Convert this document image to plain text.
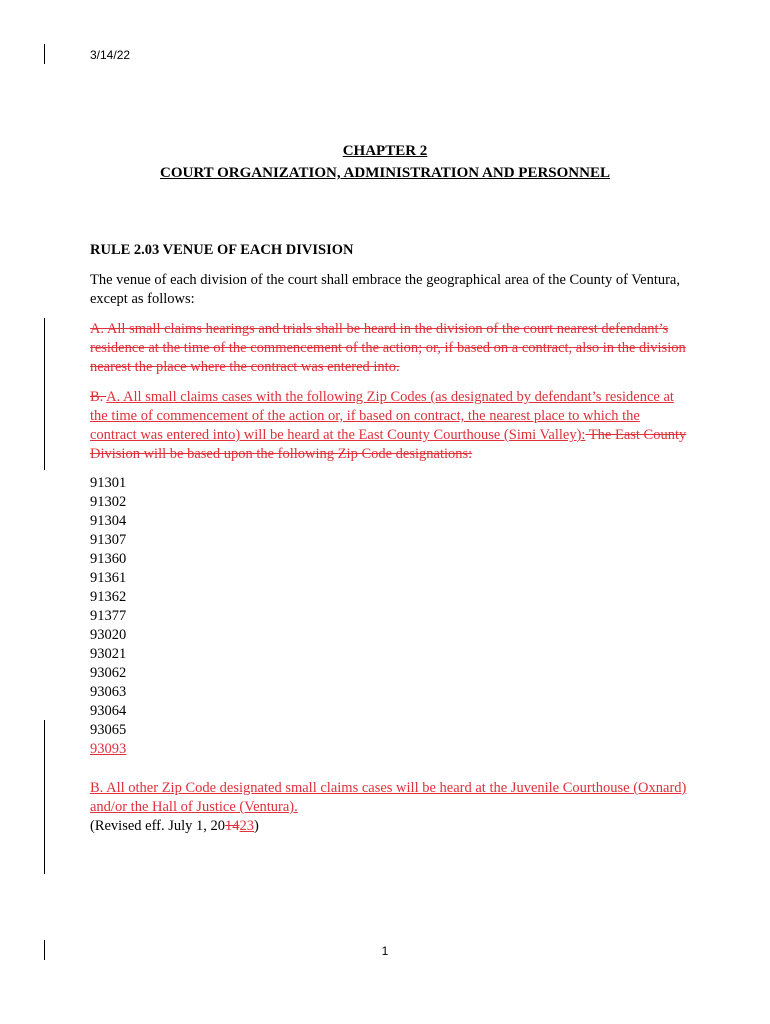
3/14/22
CHAPTER 2
COURT ORGANIZATION, ADMINISTRATION AND PERSONNEL
RULE 2.03 VENUE OF EACH DIVISION
The venue of each division of the court shall embrace the geographical area of the County of Ventura, except as follows:
A. All small claims hearings and trials shall be heard in the division of the court nearest defendant’s residence at the time of the commencement of the action; or, if based on a contract, also in the division nearest the place where the contract was entered into.
B. A. All small claims cases with the following Zip Codes (as designated by defendant’s residence at the time of commencement of the action or, if based on contract, the nearest place to which the contract was entered into) will be heard at the East County Courthouse (Simi Valley): The East County Division will be based upon the following Zip Code designations:
91301
91302
91304
91307
91360
91361
91362
91377
93020
93021
93062
93063
93064
93065
93093
B. All other Zip Code designated small claims cases will be heard at the Juvenile Courthouse (Oxnard) and/or the Hall of Justice (Ventura).
(Revised eff. July 1, 201423)
1
